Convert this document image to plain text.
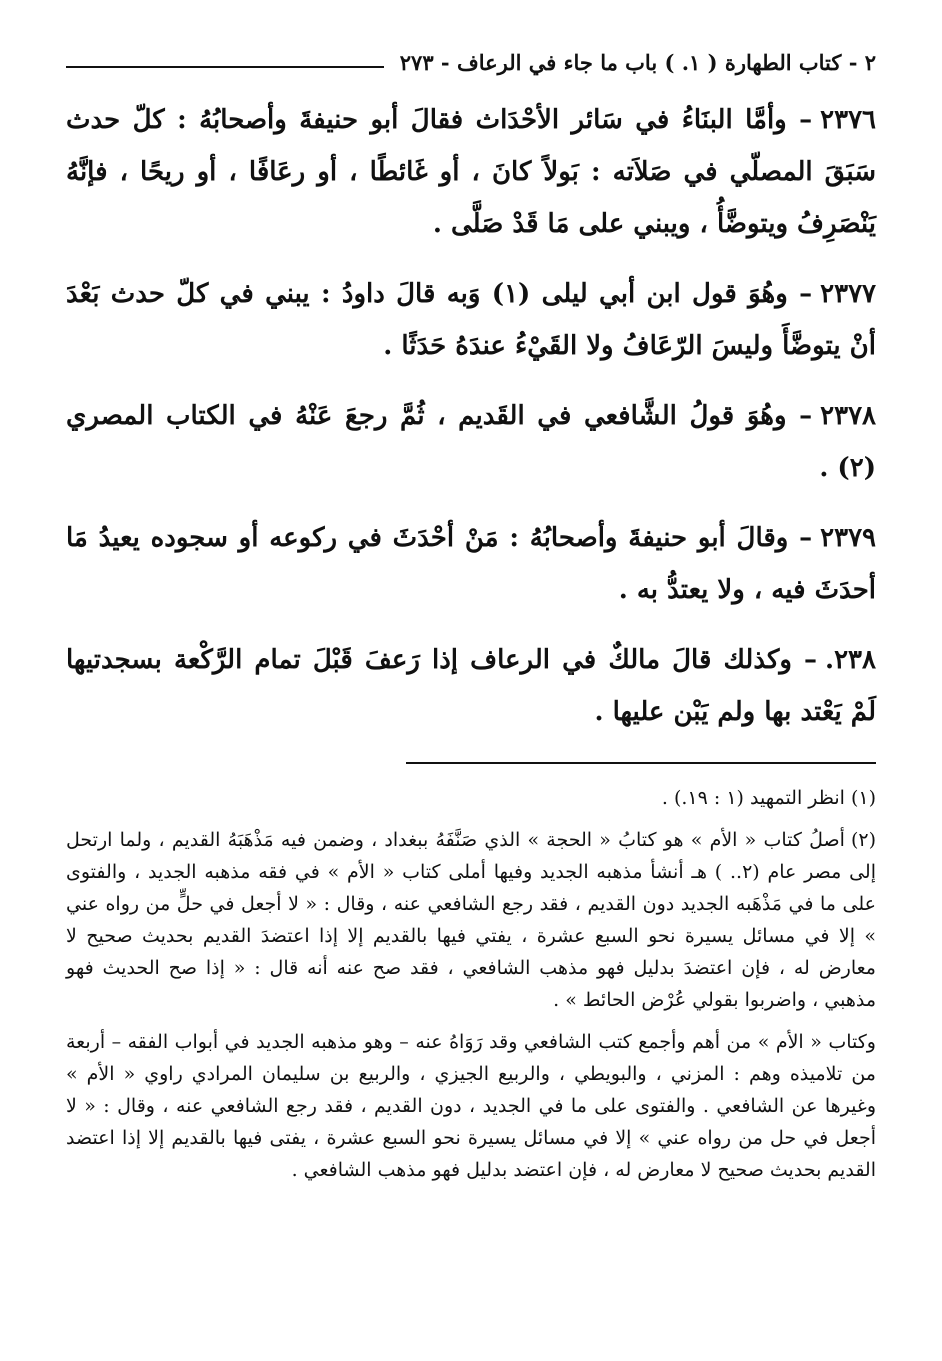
٢ - كتاب الطهارة ( ١. ) باب ما جاء في الرعاف - ٢٧٣

٢٣٧٦– وأمَّا البنَاءُ في سَائر الأحْدَاث فقالَ أبو حنيفةَ وأصحابُهُ : كلّ حدث سَبَقَ المصلّي في صَلاَته : بَولاً كانَ ، أو غَائطًا ، أو رعَافًا ، أو ريحًا ، فإنَّهُ يَنْصَرِفُ ويتوضَّأُ ، ويبني على مَا قَدْ صَلَّى .

٢٣٧٧– وهُوَ قول ابن أبي ليلى (١) وَبه قالَ داودُ : يبني في كلّ حدث بَعْدَ أنْ يتوضَّأَ وليسَ الرّعَافُ ولا القَيْءُ عندَهُ حَدَثًا .

٢٣٧٨– وهُوَ قولُ الشَّافعي في القَديم ، ثُمَّ رجعَ عَنْهُ في الكتاب المصري (٢) .

٢٣٧٩– وقالَ أبو حنيفةَ وأصحابُهُ : مَنْ أحْدَثَ في ركوعه أو سجوده يعيدُ مَا أحدَثَ فيه ، ولا يعتدُّ به .

٢٣٨.– وكذلك قالَ مالكٌ في الرعاف إذا رَعفَ قَبْلَ تمام الرَّكْعة بسجدتيها لَمْ يَعْتد بها ولم يَبْن عليها .

(١)انظر التمهيد (١ : ١٩.) .

(٢)أصلُ كتاب « الأم » هو كتابُ « الحجة » الذي صَنَّفَهُ ببغداد ، وضمن فيه مَذْهَبَهُ القديم ، ولما ارتحل إلى مصر عام (٢.. ) هـ أنشأ مذهبه الجديد وفيها أملى كتاب « الأم » في فقه مذهبه الجديد ، والفتوى على ما في مَذْهَبه الجديد دون القديم ، فقد رجع الشافعي عنه ، وقال : « لا أجعل في حلٍّ من رواه عني » إلا في مسائل يسيرة نحو السبع عشرة ، يفتي فيها بالقديم إلا إذا اعتضدَ القديم بحديث صحيح لا معارض له ، فإن اعتضدَ بدليل فهو مذهب الشافعي ، فقد صح عنه أنه قال : « إذا صح الحديث فهو مذهبي ، واضربوا بقولي عُرْض الحائط » .

وكتاب « الأم » من أهم وأجمع كتب الشافعي وقد رَوَاهُ عنه – وهو مذهبه الجديد في أبواب الفقه – أربعة من تلاميذه وهم : المزني ، والبويطي ، والربيع الجيزي ، والربيع بن سليمان المرادي راوي « الأم » وغيرها عن الشافعي . والفتوى على ما في الجديد ، دون القديم ، فقد رجع الشافعي عنه ، وقال : « لا أجعل في حل من رواه عني » إلا في مسائل يسيرة نحو السبع عشرة ، يفتى فيها بالقديم إلا إذا اعتضد القديم بحديث صحيح لا معارض له ، فإن اعتضد بدليل فهو مذهب الشافعي .
